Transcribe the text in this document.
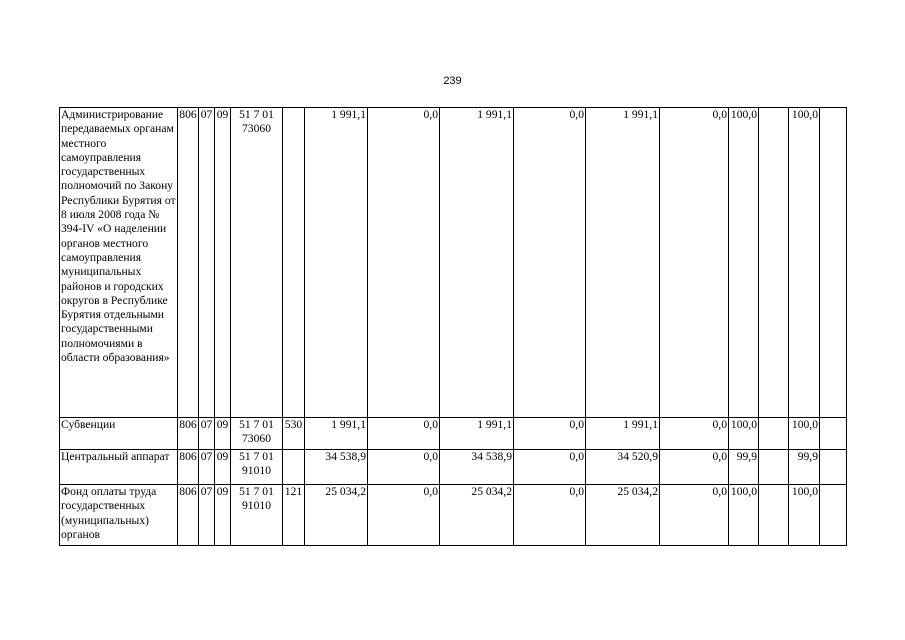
239
Администрирование передаваемых органам местного самоуправления государственных полномочий по Закону Республики Бурятия от 8 июля 2008 года № 394-IV «О наделении органов местного самоуправления муниципальных районов и городских округов в Республике Бурятия отдельными государственными полномочиями в области образования»	806	07	09	51 7 01 73060		1 991,1	0,0	1 991,1	0,0	1 991,1	0,0	100,0		100,0	
Субвенции	806	07	09	51 7 01 73060	530	1 991,1	0,0	1 991,1	0,0	1 991,1	0,0	100,0		100,0	
Центральный аппарат	806	07	09	51 7 01 91010		34 538,9	0,0	34 538,9	0,0	34 520,9	0,0	99,9		99,9	
Фонд оплаты труда государственных (муниципальных) органов	806	07	09	51 7 01 91010	121	25 034,2	0,0	25 034,2	0,0	25 034,2	0,0	100,0		100,0	
